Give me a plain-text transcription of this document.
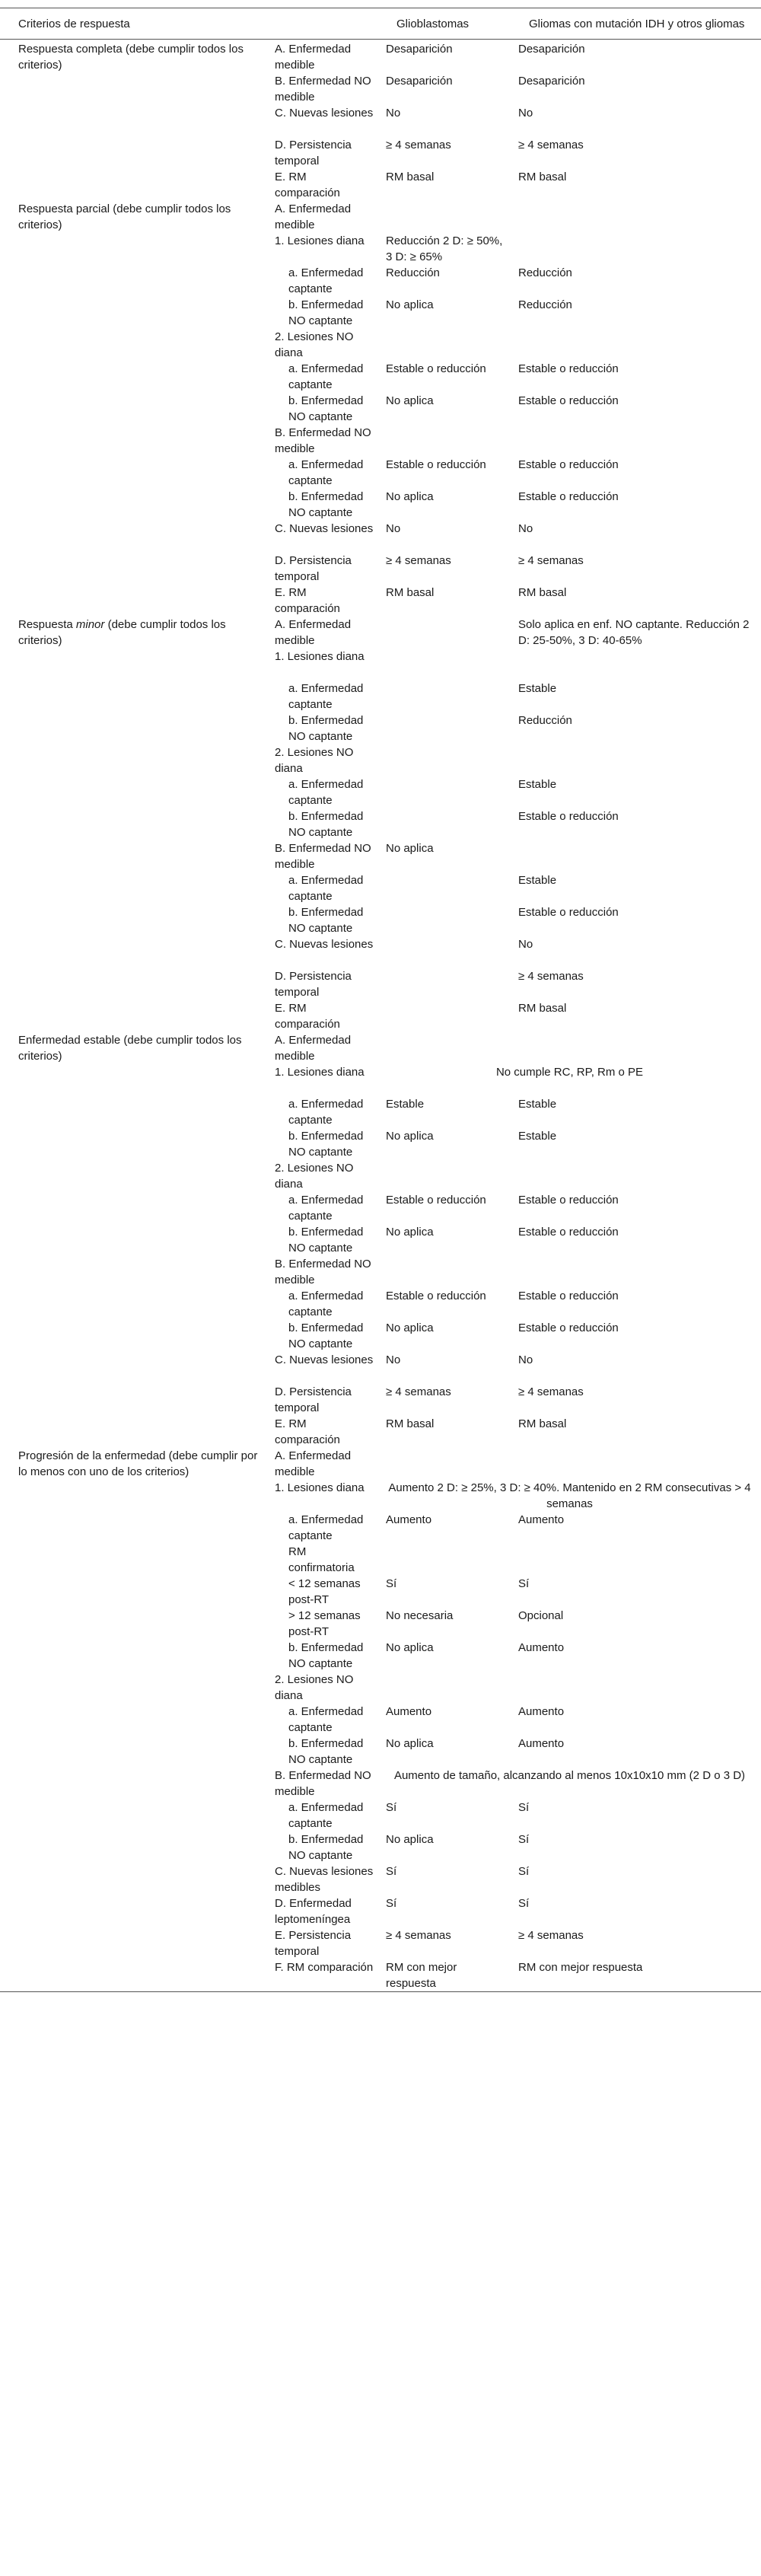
Criterios de respuesta		Glioblastomas	Gliomas con mutación IDH y otros gliomas
Respuesta completa (debe cumplir todos los criterios)	A. Enfermedad medible	Desaparición	Desaparición
	B. Enfermedad NO medible	Desaparición	Desaparición
	C. Nuevas lesiones	No	No
	D. Persistencia temporal	≥ 4 semanas	≥ 4 semanas
	E. RM comparación	RM basal	RM basal
Respuesta parcial (debe cumplir todos los criterios)	A. Enfermedad medible		
	1. Lesiones diana	Reducción 2 D: ≥ 50%, 3 D: ≥ 65%	
	a. Enfermedad captante	Reducción	Reducción
	b. Enfermedad NO captante	No aplica	Reducción
	2. Lesiones NO diana		
	a. Enfermedad captante	Estable o reducción	Estable o reducción
	b. Enfermedad NO captante	No aplica	Estable o reducción
	B. Enfermedad NO medible		
	a. Enfermedad captante	Estable o reducción	Estable o reducción
	b. Enfermedad NO captante	No aplica	Estable o reducción
	C. Nuevas lesiones	No	No
	D. Persistencia temporal	≥ 4 semanas	≥ 4 semanas
	E. RM comparación	RM basal	RM basal
Respuesta minor (debe cumplir todos los criterios)	A. Enfermedad medible		Solo aplica en enf. NO captante. Reducción 2 D: 25-50%, 3 D: 40-65%
	1. Lesiones diana		
	a. Enfermedad captante		Estable
	b. Enfermedad NO captante		Reducción
	2. Lesiones NO diana		
	a. Enfermedad captante		Estable
	b. Enfermedad NO captante		Estable o reducción
	B. Enfermedad NO medible	No aplica	
	a. Enfermedad captante		Estable
	b. Enfermedad NO captante		Estable o reducción
	C. Nuevas lesiones		No
	D. Persistencia temporal		≥ 4 semanas
	E. RM comparación		RM basal
Enfermedad estable (debe cumplir todos los criterios)	A. Enfermedad medible		
	1. Lesiones diana	No cumple RC, RP, Rm o PE	
	a. Enfermedad captante	Estable	Estable
	b. Enfermedad NO captante	No aplica	Estable
	2. Lesiones NO diana		
	a. Enfermedad captante	Estable o reducción	Estable o reducción
	b. Enfermedad NO captante	No aplica	Estable o reducción
	B. Enfermedad NO medible		
	a. Enfermedad captante	Estable o reducción	Estable o reducción
	b. Enfermedad NO captante	No aplica	Estable o reducción
	C. Nuevas lesiones	No	No
	D. Persistencia temporal	≥ 4 semanas	≥ 4 semanas
	E. RM comparación	RM basal	RM basal
Progresión de la enfermedad (debe cumplir por lo menos con uno de los criterios)	A. Enfermedad medible		
	1. Lesiones diana	Aumento 2 D: ≥ 25%, 3 D: ≥ 40%. Mantenido en 2 RM consecutivas > 4 semanas	
	a. Enfermedad captante	Aumento	Aumento
	RM confirmatoria		
	< 12 semanas post-RT	Sí	Sí
	> 12 semanas post-RT	No necesaria	Opcional
	b. Enfermedad NO captante	No aplica	Aumento
	2. Lesiones NO diana		
	a. Enfermedad captante	Aumento	Aumento
	b. Enfermedad NO captante	No aplica	Aumento
	B. Enfermedad NO medible	Aumento de tamaño, alcanzando al menos 10x10x10 mm (2 D o 3 D)	
	a. Enfermedad captante	Sí	Sí
	b. Enfermedad NO captante	No aplica	Sí
	C. Nuevas lesiones medibles	Sí	Sí
	D. Enfermedad leptomeníngea	Sí	Sí
	E. Persistencia temporal	≥ 4 semanas	≥ 4 semanas
	F. RM comparación	RM con mejor respuesta	RM con mejor respuesta
